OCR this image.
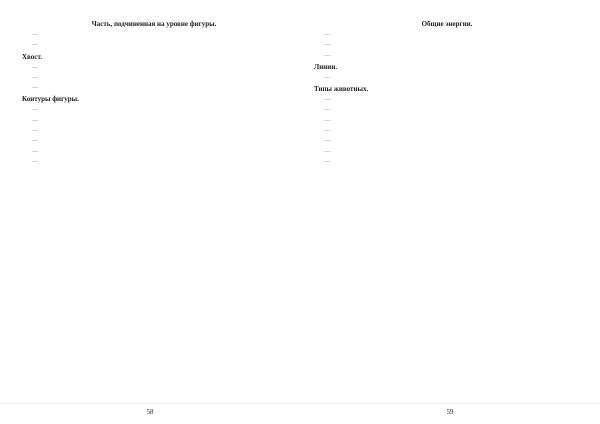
Часть, подчиненная на уровне фигуры.

…

…

Хвост.

…

…

…

Контуры фигуры.

…

…

…

…

…

…

58
Общие энергии.

…

…

…

Линии.

…

Типы животных.

…

…

…

…

…

…

…

59
